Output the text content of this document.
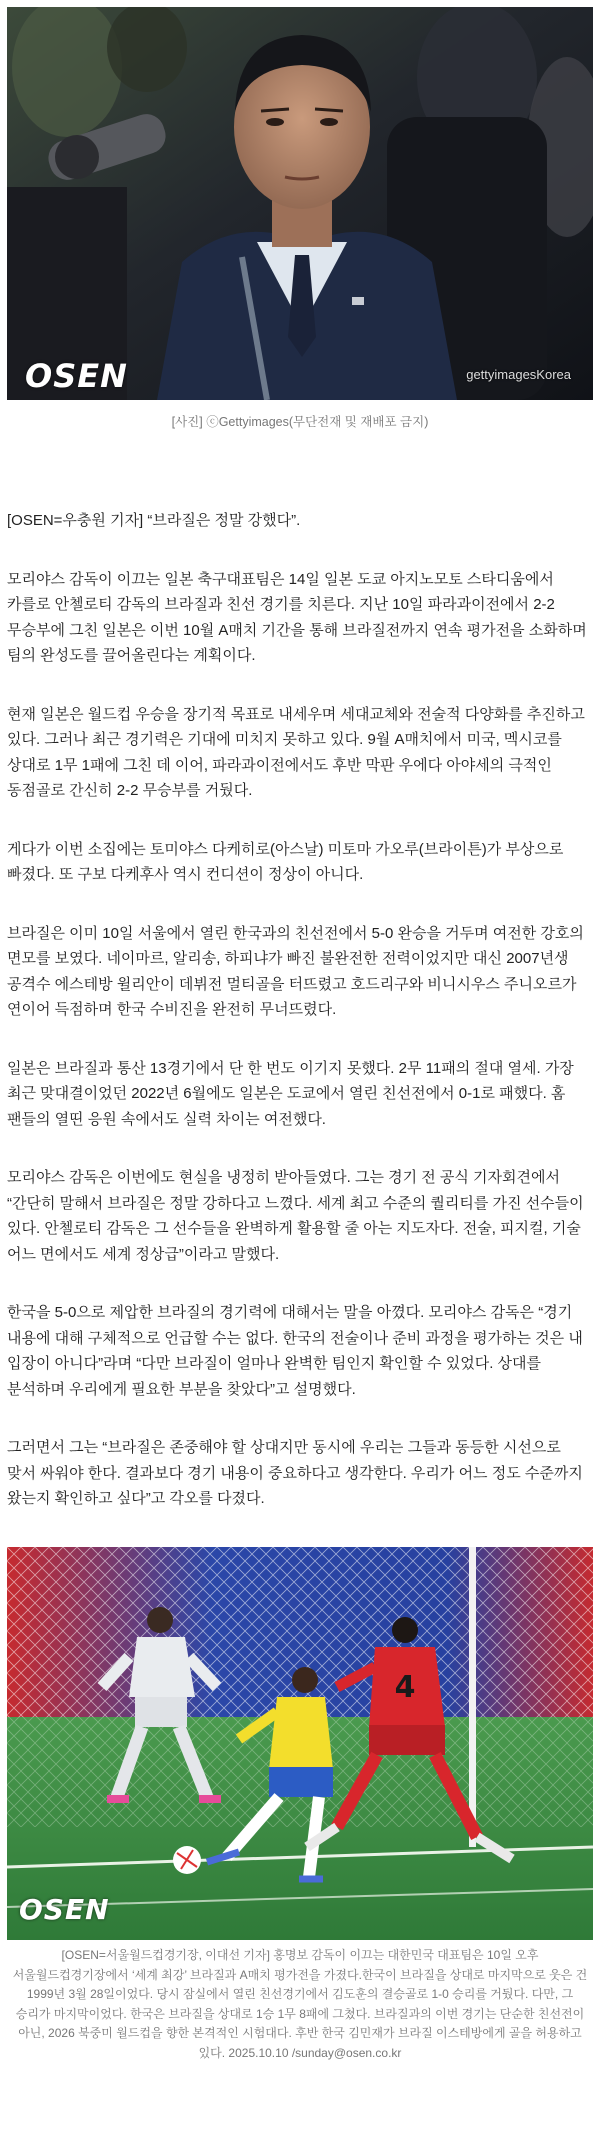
OSEN	gettyimagesKorea
[사진] ⓒGettyimages(무단전재 및 재배포 금지)

[OSEN=우충원 기자] “브라질은 정말 강했다”.

모리야스 감독이 이끄는 일본 축구대표팀은 14일 일본 도쿄 아지노모토 스타디움에서 카를로 안첼로티 감독의 브라질과 친선 경기를 치른다. 지난 10일 파라과이전에서 2-2 무승부에 그친 일본은 이번 10월 A매치 기간을 통해 브라질전까지 연속 평가전을 소화하며 팀의 완성도를 끌어올린다는 계획이다.

현재 일본은 월드컵 우승을 장기적 목표로 내세우며 세대교체와 전술적 다양화를 추진하고 있다. 그러나 최근 경기력은 기대에 미치지 못하고 있다. 9월 A매치에서 미국, 멕시코를 상대로 1무 1패에 그친 데 이어, 파라과이전에서도 후반 막판 우에다 아야세의 극적인 동점골로 간신히 2-2 무승부를 거뒀다.

게다가 이번 소집에는 토미야스 다케히로(아스날) 미토마 가오루(브라이튼)가 부상으로 빠졌다. 또 구보 다케후사 역시 컨디션이 정상이 아니다.

브라질은 이미 10일 서울에서 열린 한국과의 친선전에서 5-0 완승을 거두며 여전한 강호의 면모를 보였다. 네이마르, 알리송, 하피냐가 빠진 불완전한 전력이었지만 대신 2007년생 공격수 에스테방 윌리안이 데뷔전 멀티골을 터뜨렸고 호드리구와 비니시우스 주니오르가 연이어 득점하며 한국 수비진을 완전히 무너뜨렸다.

일본은 브라질과 통산 13경기에서 단 한 번도 이기지 못했다. 2무 11패의 절대 열세. 가장 최근 맞대결이었던 2022년 6월에도 일본은 도쿄에서 열린 친선전에서 0-1로 패했다. 홈 팬들의 열띤 응원 속에서도 실력 차이는 여전했다.

모리야스 감독은 이번에도 현실을 냉정히 받아들였다. 그는 경기 전 공식 기자회견에서 “간단히 말해서 브라질은 정말 강하다고 느꼈다. 세계 최고 수준의 퀄리티를 가진 선수들이 있다. 안첼로티 감독은 그 선수들을 완벽하게 활용할 줄 아는 지도자다. 전술, 피지컬, 기술 어느 면에서도 세계 정상급”이라고 말했다.

한국을 5-0으로 제압한 브라질의 경기력에 대해서는 말을 아꼈다. 모리야스 감독은 “경기 내용에 대해 구체적으로 언급할 수는 없다. 한국의 전술이나 준비 과정을 평가하는 것은 내 입장이 아니다”라며 “다만 브라질이 얼마나 완벽한 팀인지 확인할 수 있었다. 상대를 분석하며 우리에게 필요한 부분을 찾았다”고 설명했다.

그러면서 그는 “브라질은 존중해야 할 상대지만 동시에 우리는 그들과 동등한 시선으로 맞서 싸워야 한다. 결과보다 경기 내용이 중요하다고 생각한다. 우리가 어느 정도 수준까지 왔는지 확인하고 싶다”고 각오를 다졌다.

4
OSEN
[OSEN=서울월드컵경기장, 이대선 기자] 홍명보 감독이 이끄는 대한민국 대표팀은 10일 오후 서울월드컵경기장에서 ‘세계 최강’ 브라질과 A매치 평가전을 가졌다.한국이 브라질을 상대로 마지막으로 웃은 건 1999년 3월 28일이었다. 당시 잠실에서 열린 친선경기에서 김도훈의 결승골로 1-0 승리를 거뒀다. 다만, 그 승리가 마지막이었다. 한국은 브라질을 상대로 1승 1무 8패에 그쳤다. 브라질과의 이번 경기는 단순한 친선전이 아닌, 2026 북중미 월드컵을 향한 본격적인 시험대다. 후반 한국 김민재가 브라질 이스테방에게 골을 허용하고 있다. 2025.10.10 /sunday@osen.co.kr
